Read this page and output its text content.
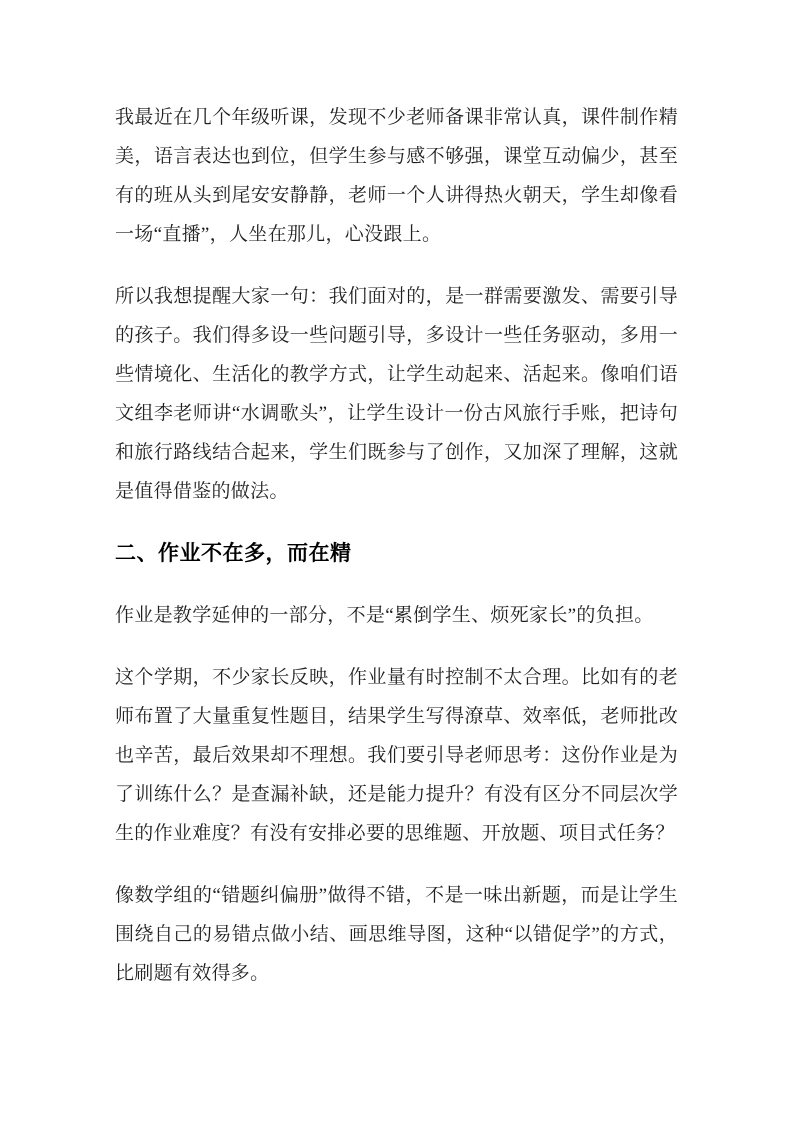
我最近在几个年级听课，发现不少老师备课非常认真，课件制作精美，语言表达也到位，但学生参与感不够强，课堂互动偏少，甚至有的班从头到尾安安静静，老师一个人讲得热火朝天，学生却像看一场“直播”，人坐在那儿，心没跟上。

所以我想提醒大家一句：我们面对的，是一群需要激发、需要引导的孩子。我们得多设一些问题引导，多设计一些任务驱动，多用一些情境化、生活化的教学方式，让学生动起来、活起来。像咱们语文组李老师讲“水调歌头”，让学生设计一份古风旅行手账，把诗句和旅行路线结合起来，学生们既参与了创作，又加深了理解，这就是值得借鉴的做法。

二、作业不在多，而在精

作业是教学延伸的一部分，不是“累倒学生、烦死家长”的负担。

这个学期，不少家长反映，作业量有时控制不太合理。比如有的老师布置了大量重复性题目，结果学生写得潦草、效率低，老师批改也辛苦，最后效果却不理想。我们要引导老师思考：这份作业是为了训练什么？是查漏补缺，还是能力提升？有没有区分不同层次学生的作业难度？有没有安排必要的思维题、开放题、项目式任务？

像数学组的“错题纠偏册”做得不错，不是一味出新题，而是让学生围绕自己的易错点做小结、画思维导图，这种“以错促学”的方式，比刷题有效得多。
